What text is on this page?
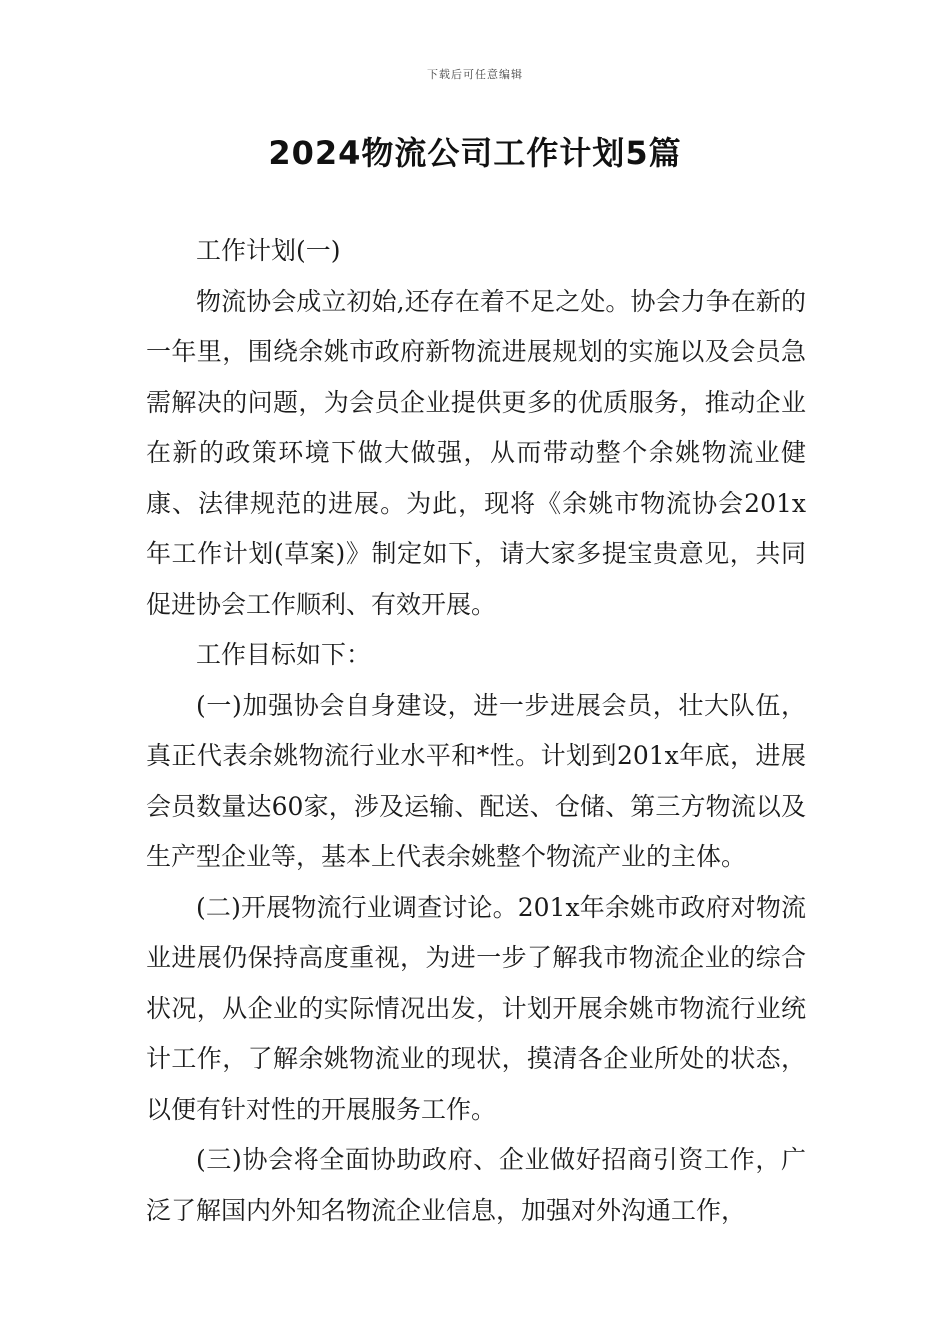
下载后可任意编辑
2024物流公司工作计划5篇

工作计划(一)

物流协会成立初始,还存在着不足之处。协会力争在新的一年里，围绕余姚市政府新物流进展规划的实施以及会员急需解决的问题，为会员企业提供更多的优质服务，推动企业在新的政策环境下做大做强，从而带动整个余姚物流业健康、法律规范的进展。为此，现将《余姚市物流协会201x年工作计划(草案)》制定如下，请大家多提宝贵意见，共同促进协会工作顺利、有效开展。

工作目标如下：

(一)加强协会自身建设，进一步进展会员，壮大队伍，真正代表余姚物流行业水平和*性。计划到201x年底，进展会员数量达60家，涉及运输、配送、仓储、第三方物流以及生产型企业等，基本上代表余姚整个物流产业的主体。

(二)开展物流行业调查讨论。201x年余姚市政府对物流业进展仍保持高度重视，为进一步了解我市物流企业的综合状况，从企业的实际情况出发，计划开展余姚市物流行业统计工作，了解余姚物流业的现状，摸清各企业所处的状态，以便有针对性的开展服务工作。

(三)协会将全面协助政府、企业做好招商引资工作，广泛了解国内外知名物流企业信息，加强对外沟通工作，
